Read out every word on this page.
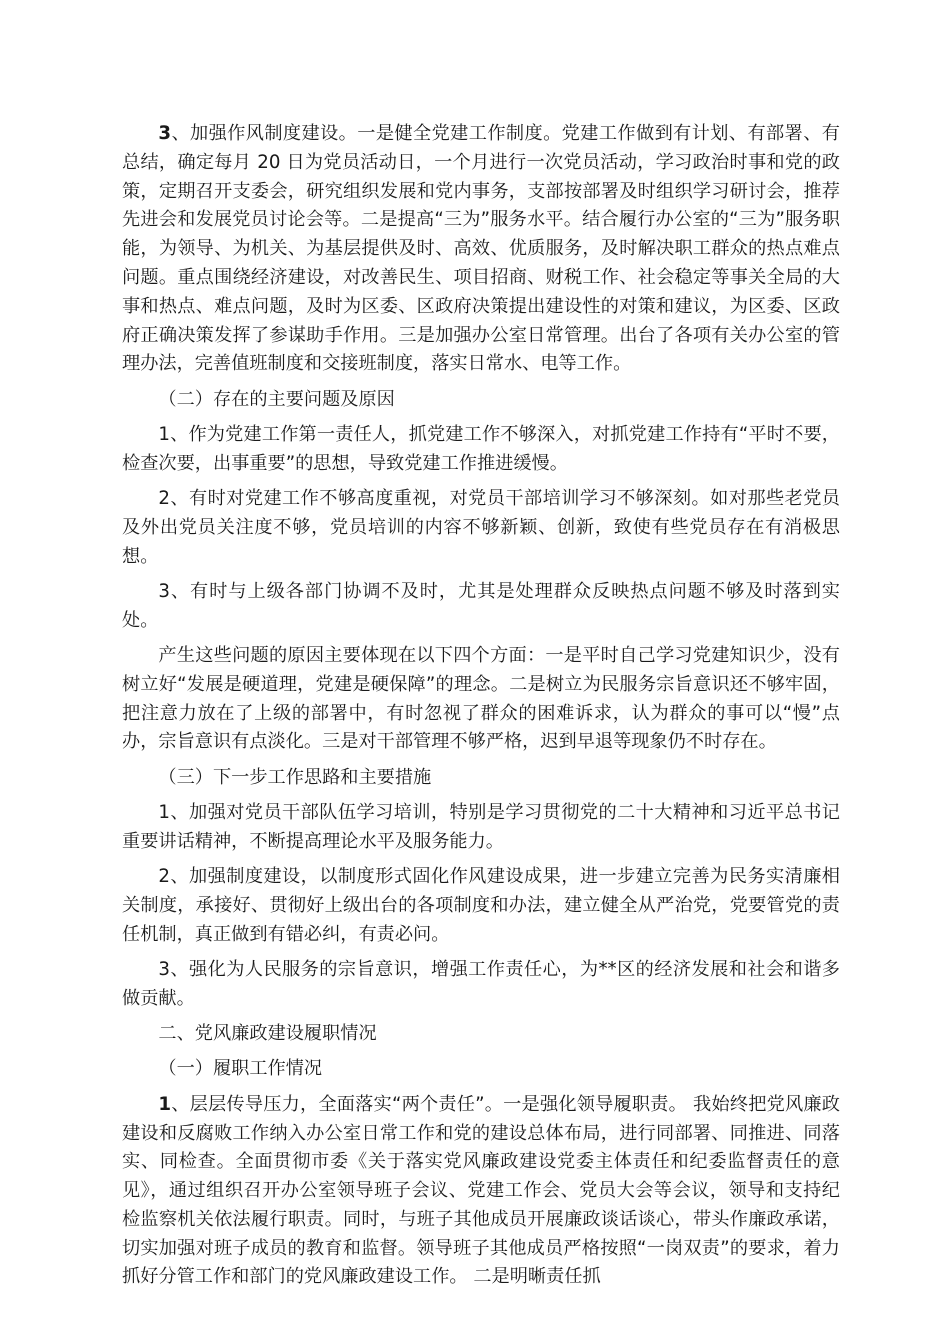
3、加强作风制度建设。一是健全党建工作制度。党建工作做到有计划、有部署、有总结，确定每月 20 日为党员活动日，一个月进行一次党员活动，学习政治时事和党的政策，定期召开支委会，研究组织发展和党内事务，支部按部署及时组织学习研讨会，推荐先进会和发展党员讨论会等。二是提高“三为”服务水平。结合履行办公室的“三为”服务职能，为领导、为机关、为基层提供及时、高效、优质服务，及时解决职工群众的热点难点问题。重点围绕经济建设，对改善民生、项目招商、财税工作、社会稳定等事关全局的大事和热点、难点问题，及时为区委、区政府决策提出建设性的对策和建议，为区委、区政府正确决策发挥了参谋助手作用。三是加强办公室日常管理。出台了各项有关办公室的管理办法，完善值班制度和交接班制度，落实日常水、电等工作。

（二）存在的主要问题及原因

1、作为党建工作第一责任人，抓党建工作不够深入，对抓党建工作持有“平时不要，检查次要，出事重要”的思想，导致党建工作推进缓慢。

2、有时对党建工作不够高度重视，对党员干部培训学习不够深刻。如对那些老党员及外出党员关注度不够，党员培训的内容不够新颖、创新，致使有些党员存在有消极思想。

3、有时与上级各部门协调不及时，尤其是处理群众反映热点问题不够及时落到实处。

产生这些问题的原因主要体现在以下四个方面：一是平时自己学习党建知识少，没有树立好“发展是硬道理，党建是硬保障”的理念。二是树立为民服务宗旨意识还不够牢固，把注意力放在了上级的部署中，有时忽视了群众的困难诉求，认为群众的事可以“慢”点办，宗旨意识有点淡化。三是对干部管理不够严格，迟到早退等现象仍不时存在。

（三）下一步工作思路和主要措施

1、加强对党员干部队伍学习培训，特别是学习贯彻党的二十大精神和习近平总书记重要讲话精神，不断提高理论水平及服务能力。

2、加强制度建设，以制度形式固化作风建设成果，进一步建立完善为民务实清廉相关制度，承接好、贯彻好上级出台的各项制度和办法，建立健全从严治党，党要管党的责任机制，真正做到有错必纠，有责必问。

3、强化为人民服务的宗旨意识，增强工作责任心，为**区的经济发展和社会和谐多做贡献。

二、党风廉政建设履职情况

（一）履职工作情况

1、层层传导压力，全面落实“两个责任”。一是强化领导履职责。 我始终把党风廉政建设和反腐败工作纳入办公室日常工作和党的建设总体布局，进行同部署、同推进、同落实、同检查。全面贯彻市委《关于落实党风廉政建设党委主体责任和纪委监督责任的意见》，通过组织召开办公室领导班子会议、党建工作会、党员大会等会议，领导和支持纪检监察机关依法履行职责。同时，与班子其他成员开展廉政谈话谈心，带头作廉政承诺，切实加强对班子成员的教育和监督。领导班子其他成员严格按照“一岗双责”的要求，着力抓好分管工作和部门的党风廉政建设工作。 二是明晰责任抓
